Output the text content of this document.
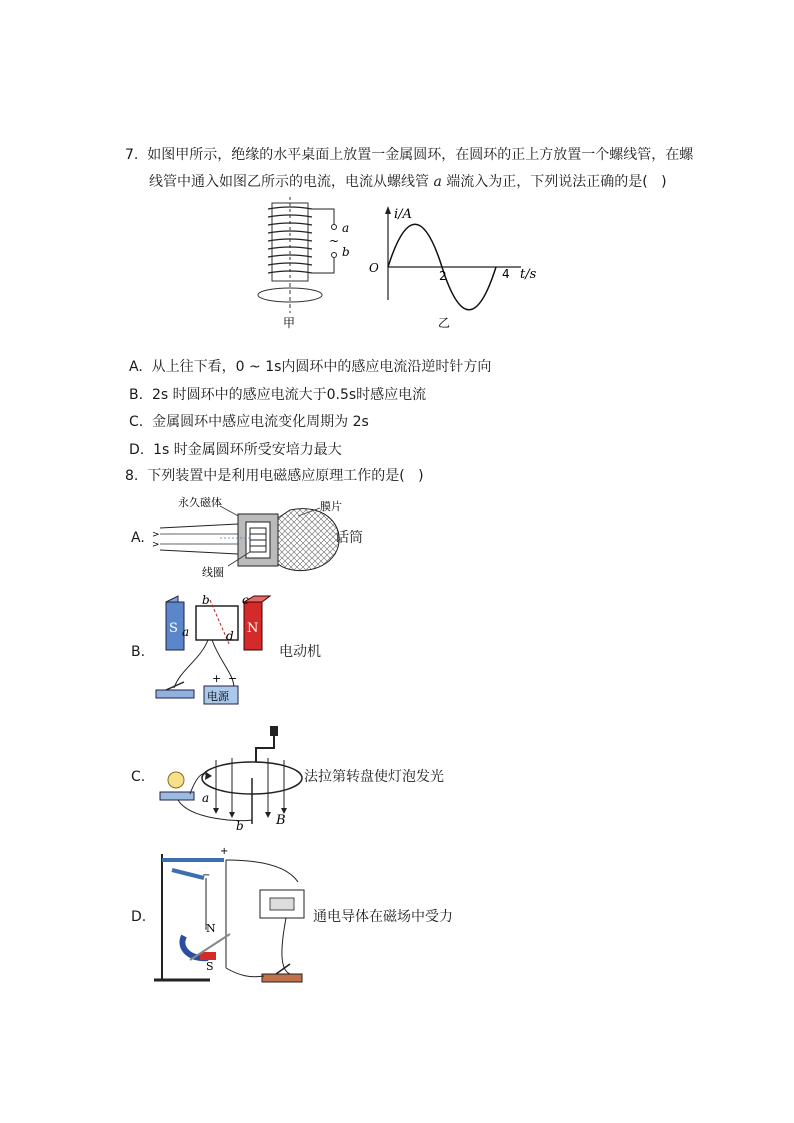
7.  如图甲所示，绝缘的水平桌面上放置一金属圆环，在圆环的正上方放置一个螺线管，在螺
线管中通入如图乙所示的电流，电流从螺线管 a 端流入为正，下列说法正确的是(   )
a
~
b
甲
i/A
O
2	4 t/s
乙
A.  从上往下看，0 ~ 1s内圆环中的感应电流沿逆时针方向
B.  2s 时圆环中的感应电流大于0.5s时感应电流
C.  金属圆环中感应电流变化周期为 2s
D.  1s 时金属圆环所受安培力最大
8.  下列装置中是利用电磁感应原理工作的是(   )
A.
永久磁体	膜片
>
>
线圈
话筒
B.
S	N
b	c
a	d
电源
+ −
电动机
C.
B
a
b
法拉第转盘使灯泡发光
D.
+
−
N
S
通电导体在磁场中受力
